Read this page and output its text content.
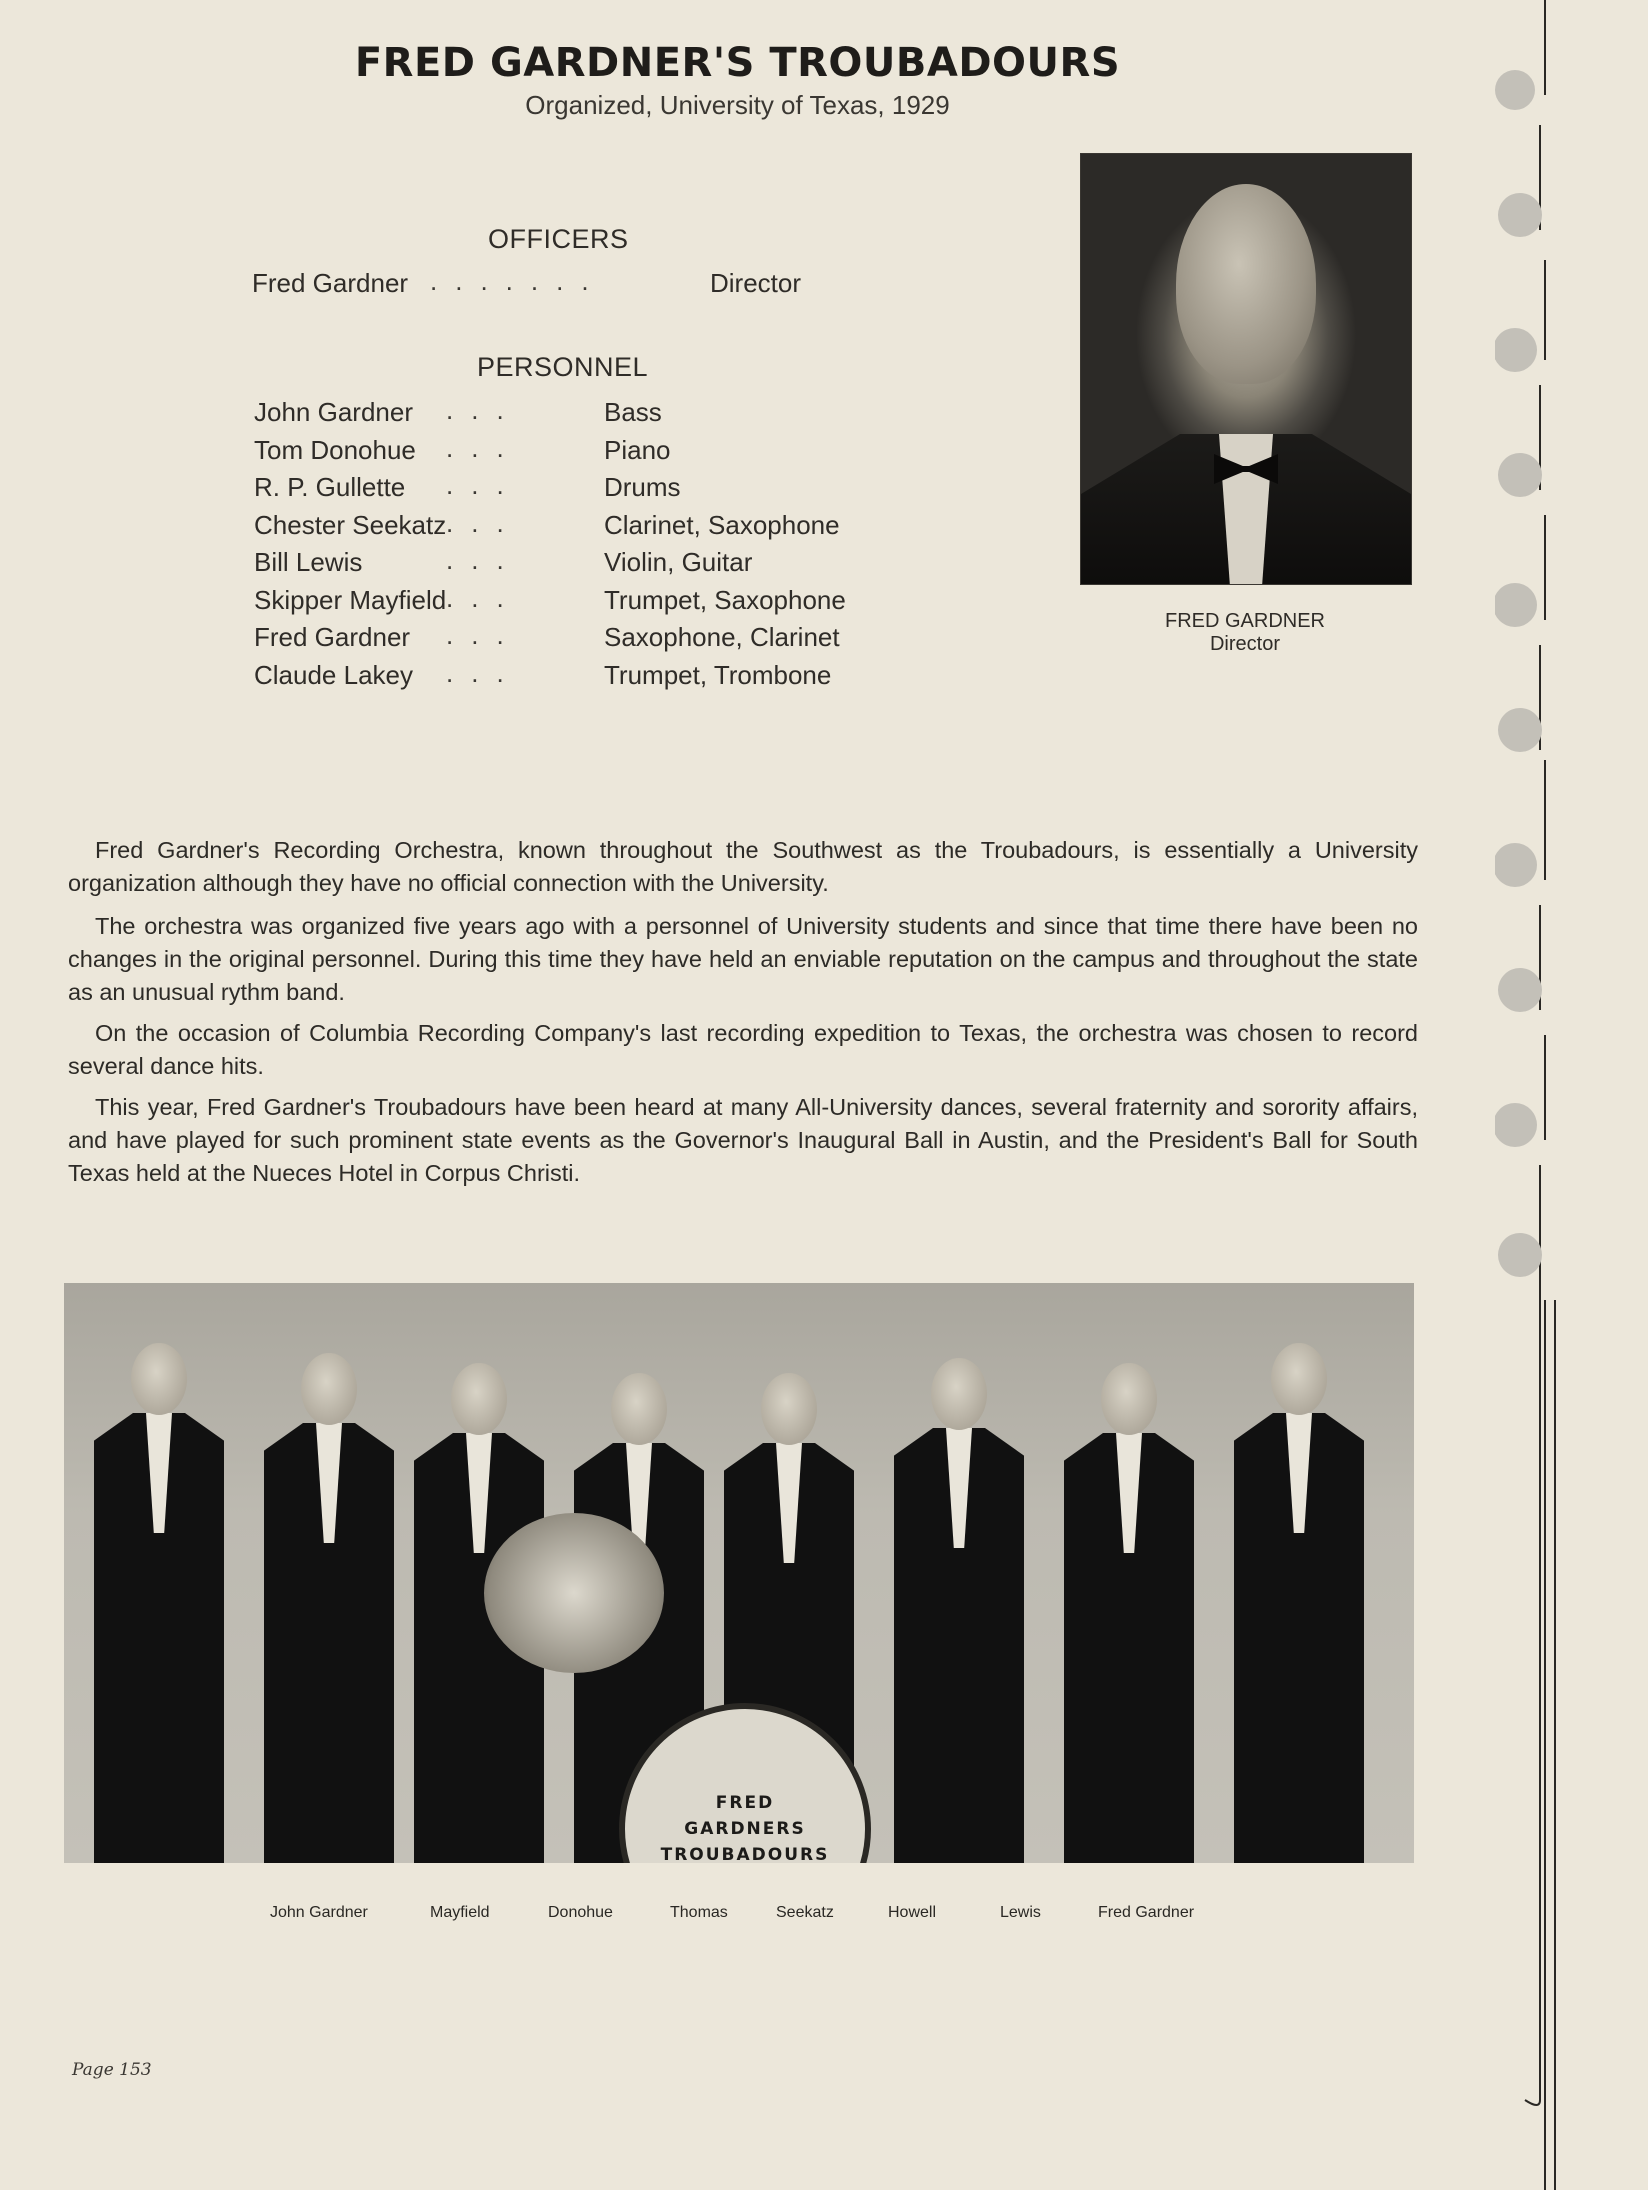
FRED GARDNER'S TROUBADOURS
Organized, University of Texas, 1929
OFFICERS
Fred Gardner .......	Director
PERSONNEL
John Gardner ...	Bass
Tom Donohue ...	Piano
R. P. Gullette ...	Drums
Chester Seekatz ...	Clarinet, Saxophone
Bill Lewis	...	Violin, Guitar
Skipper Mayfield ...	Trumpet, Saxophone
Fred Gardner ...	Saxophone, Clarinet
Claude Lakey ...	Trumpet, Trombone
FRED GARDNER
Director
Fred Gardner's Recording Orchestra, known throughout the Southwest as the Troubadours, is essentially a University organization although they have no official connection with the University.
The orchestra was organized five years ago with a personnel of University students and since that time there have been no changes in the original personnel. During this time they have held an enviable reputation on the campus and throughout the state as an unusual rythm band.
On the occasion of Columbia Recording Company's last recording expedition to Texas, the orchestra was chosen to record several dance hits.
This year, Fred Gardner's Troubadours have been heard at many All-University dances, several fraternity and sorority affairs, and have played for such prominent state events as the Governor's Inaugural Ball in Austin, and the President's Ball for South Texas held at the Nueces Hotel in Corpus Christi.
FRED
GARDNERS
TROUBADOURS
John Gardner	Mayfield	Donohue	Thomas	Seekatz	Howell	Lewis	Fred Gardner
Page 153
